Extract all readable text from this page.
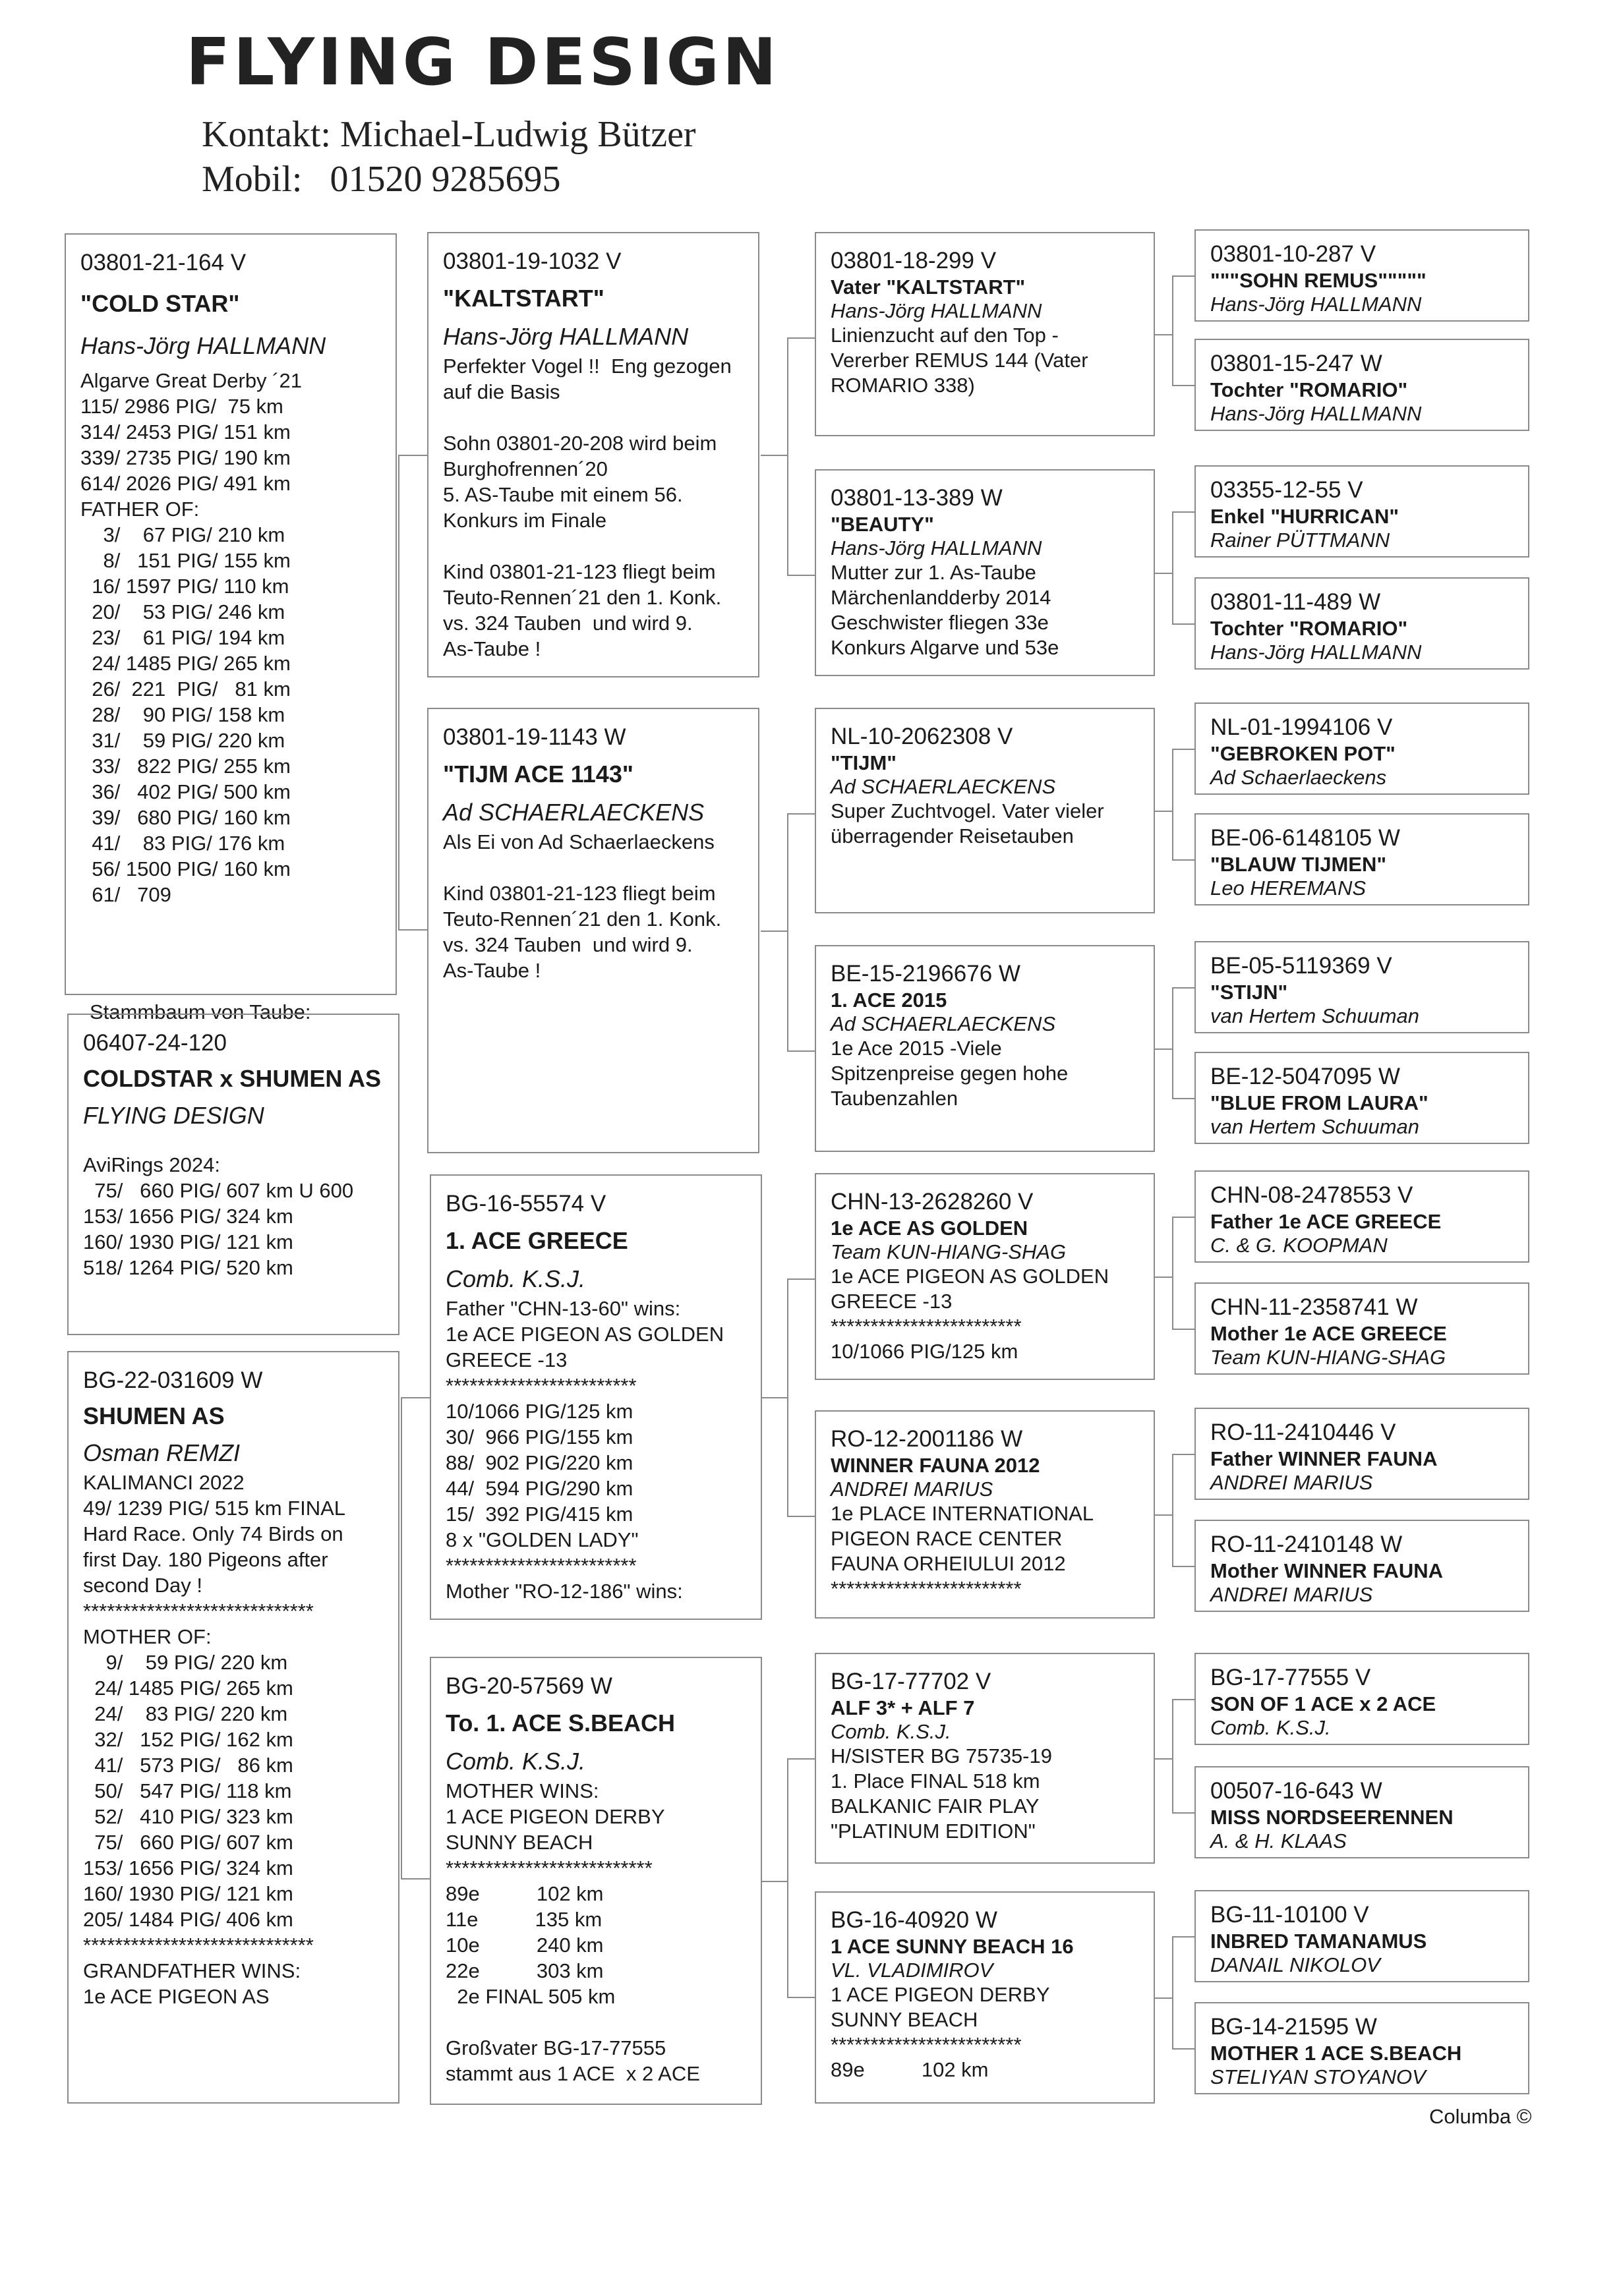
FLYING DESIGN
Kontakt: Michael-Ludwig Bützer
Mobil:   01520 9285695
03801-21-164 V
"COLD STAR"
Hans-Jörg HALLMANN
Algarve Great Derby ´21
115/ 2986 PIG/  75 km
314/ 2453 PIG/ 151 km
339/ 2735 PIG/ 190 km
614/ 2026 PIG/ 491 km
FATHER OF:
3/    67 PIG/ 210 km
8/   151 PIG/ 155 km
16/ 1597 PIG/ 110 km
20/    53 PIG/ 246 km
23/    61 PIG/ 194 km
24/ 1485 PIG/ 265 km
26/  221  PIG/   81 km
28/    90 PIG/ 158 km
31/    59 PIG/ 220 km
33/   822 PIG/ 255 km
36/   402 PIG/ 500 km
39/   680 PIG/ 160 km
41/    83 PIG/ 176 km
56/ 1500 PIG/ 160 km
61/   709
Stammbaum von Taube:
06407-24-120
COLDSTAR x SHUMEN AS
FLYING DESIGN
AviRings 2024:
75/   660 PIG/ 607 km U 600
153/ 1656 PIG/ 324 km
160/ 1930 PIG/ 121 km
518/ 1264 PIG/ 520 km
BG-22-031609 W
SHUMEN AS
Osman REMZI
KALIMANCI 2022
49/ 1239 PIG/ 515 km FINAL
Hard Race. Only 74 Birds on
first Day. 180 Pigeons after
second Day !
*****************************
MOTHER OF:
9/    59 PIG/ 220 km
24/ 1485 PIG/ 265 km
24/    83 PIG/ 220 km
32/   152 PIG/ 162 km
41/   573 PIG/   86 km
50/   547 PIG/ 118 km
52/   410 PIG/ 323 km
75/   660 PIG/ 607 km
153/ 1656 PIG/ 324 km
160/ 1930 PIG/ 121 km
205/ 1484 PIG/ 406 km
*****************************
GRANDFATHER WINS:
1e ACE PIGEON AS
03801-19-1032 V
"KALTSTART"
Hans-Jörg HALLMANN
Perfekter Vogel !!  Eng gezogen
auf die Basis
Sohn 03801-20-208 wird beim
Burghofrennen´20
5. AS-Taube mit einem 56.
Konkurs im Finale
Kind 03801-21-123 fliegt beim
Teuto-Rennen´21 den 1. Konk.
vs. 324 Tauben  und wird 9.
As-Taube !
03801-19-1143 W
"TIJM ACE 1143"
Ad SCHAERLAECKENS
Als Ei von Ad Schaerlaeckens
Kind 03801-21-123 fliegt beim
Teuto-Rennen´21 den 1. Konk.
vs. 324 Tauben  und wird 9.
As-Taube !
BG-16-55574 V
1. ACE GREECE
Comb. K.S.J.
Father "CHN-13-60" wins:
1e ACE PIGEON AS GOLDEN
GREECE -13
************************
10/1066 PIG/125 km
30/  966 PIG/155 km
88/  902 PIG/220 km
44/  594 PIG/290 km
15/  392 PIG/415 km
8 x "GOLDEN LADY"
************************
Mother "RO-12-186" wins:
BG-20-57569 W
To. 1. ACE S.BEACH
Comb. K.S.J.
MOTHER WINS:
1 ACE PIGEON DERBY
SUNNY BEACH
**************************
89e          102 km
11e          135 km
10e          240 km
22e          303 km
2e FINAL 505 km
Großvater BG-17-77555
stammt aus 1 ACE  x 2 ACE
03801-18-299 V
Vater "KALTSTART"
Hans-Jörg HALLMANN
Linienzucht auf den Top -
Vererber REMUS 144 (Vater
ROMARIO 338)
03801-13-389 W
"BEAUTY"
Hans-Jörg HALLMANN
Mutter zur 1. As-Taube
Märchenlandderby 2014
Geschwister fliegen 33e
Konkurs Algarve und 53e
NL-10-2062308 V
"TIJM"
Ad SCHAERLAECKENS
Super Zuchtvogel. Vater vieler
überragender Reisetauben
BE-15-2196676 W
1. ACE 2015
Ad SCHAERLAECKENS
1e Ace 2015 -Viele
Spitzenpreise gegen hohe
Taubenzahlen
CHN-13-2628260 V
1e ACE AS GOLDEN
Team KUN-HIANG-SHAG
1e ACE PIGEON AS GOLDEN
GREECE -13
************************
10/1066 PIG/125 km
RO-12-2001186 W
WINNER FAUNA 2012
ANDREI MARIUS
1e PLACE INTERNATIONAL
PIGEON RACE CENTER
FAUNA ORHEIULUI 2012
************************
BG-17-77702 V
ALF 3* + ALF 7
Comb. K.S.J.
H/SISTER BG 75735-19
1. Place FINAL 518 km
BALKANIC FAIR PLAY
"PLATINUM EDITION"
BG-16-40920 W
1 ACE SUNNY BEACH 16
VL. VLADIMIROV
1 ACE PIGEON DERBY
SUNNY BEACH
************************
89e          102 km
03801-10-287 V
"""SOHN REMUS"""""
Hans-Jörg HALLMANN
03801-15-247 W
Tochter "ROMARIO"
Hans-Jörg HALLMANN
03355-12-55 V
Enkel "HURRICAN"
Rainer PÜTTMANN
03801-11-489 W
Tochter "ROMARIO"
Hans-Jörg HALLMANN
NL-01-1994106 V
"GEBROKEN POT"
Ad Schaerlaeckens
BE-06-6148105 W
"BLAUW TIJMEN"
Leo HEREMANS
BE-05-5119369 V
"STIJN"
van Hertem Schuuman
BE-12-5047095 W
"BLUE FROM LAURA"
van Hertem Schuuman
CHN-08-2478553 V
Father 1e ACE GREECE
C. & G. KOOPMAN
CHN-11-2358741 W
Mother 1e ACE GREECE
Team KUN-HIANG-SHAG
RO-11-2410446 V
Father WINNER FAUNA
ANDREI MARIUS
RO-11-2410148 W
Mother WINNER FAUNA
ANDREI MARIUS
BG-17-77555 V
SON OF 1 ACE x 2 ACE
Comb. K.S.J.
00507-16-643 W
MISS NORDSEERENNEN
A. & H. KLAAS
BG-11-10100 V
INBRED TAMANAMUS
DANAIL NIKOLOV
BG-14-21595 W
MOTHER 1 ACE S.BEACH
STELIYAN STOYANOV
Columba ©
